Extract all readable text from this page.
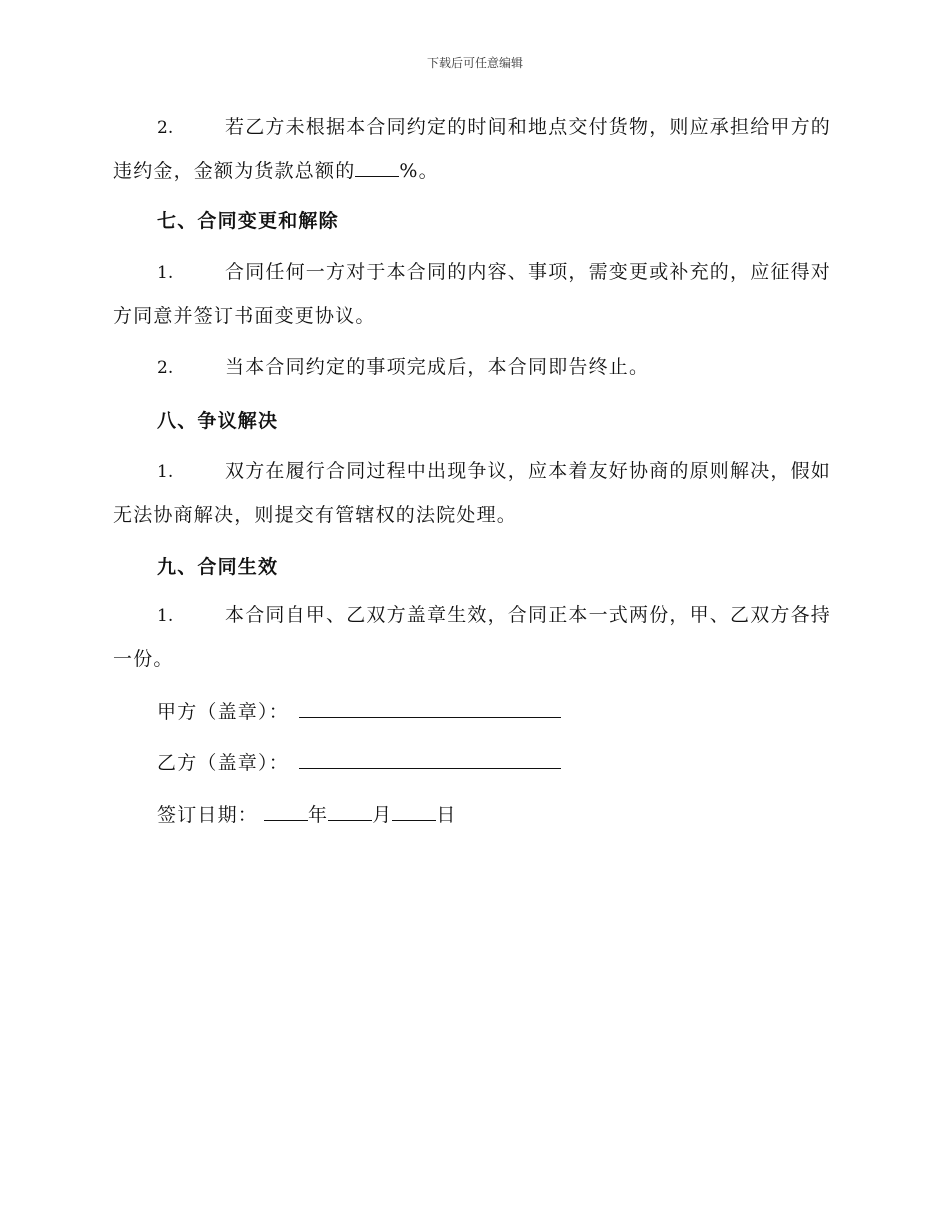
下载后可任意编辑
2.	若乙方未根据本合同约定的时间和地点交付货物，则应承担给甲方的违约金，金额为货款总额的 %。
七、合同变更和解除
1.	合同任何一方对于本合同的内容、事项，需变更或补充的，应征得对方同意并签订书面变更协议。
2.	当本合同约定的事项完成后，本合同即告终止。
八、争议解决
1.	双方在履行合同过程中出现争议，应本着友好协商的原则解决，假如无法协商解决，则提交有管辖权的法院处理。
九、合同生效
1.	本合同自甲、乙双方盖章生效，合同正本一式两份，甲、乙双方各持一份。
甲方（盖章）：
乙方（盖章）：
签订日期：	年 月 日
